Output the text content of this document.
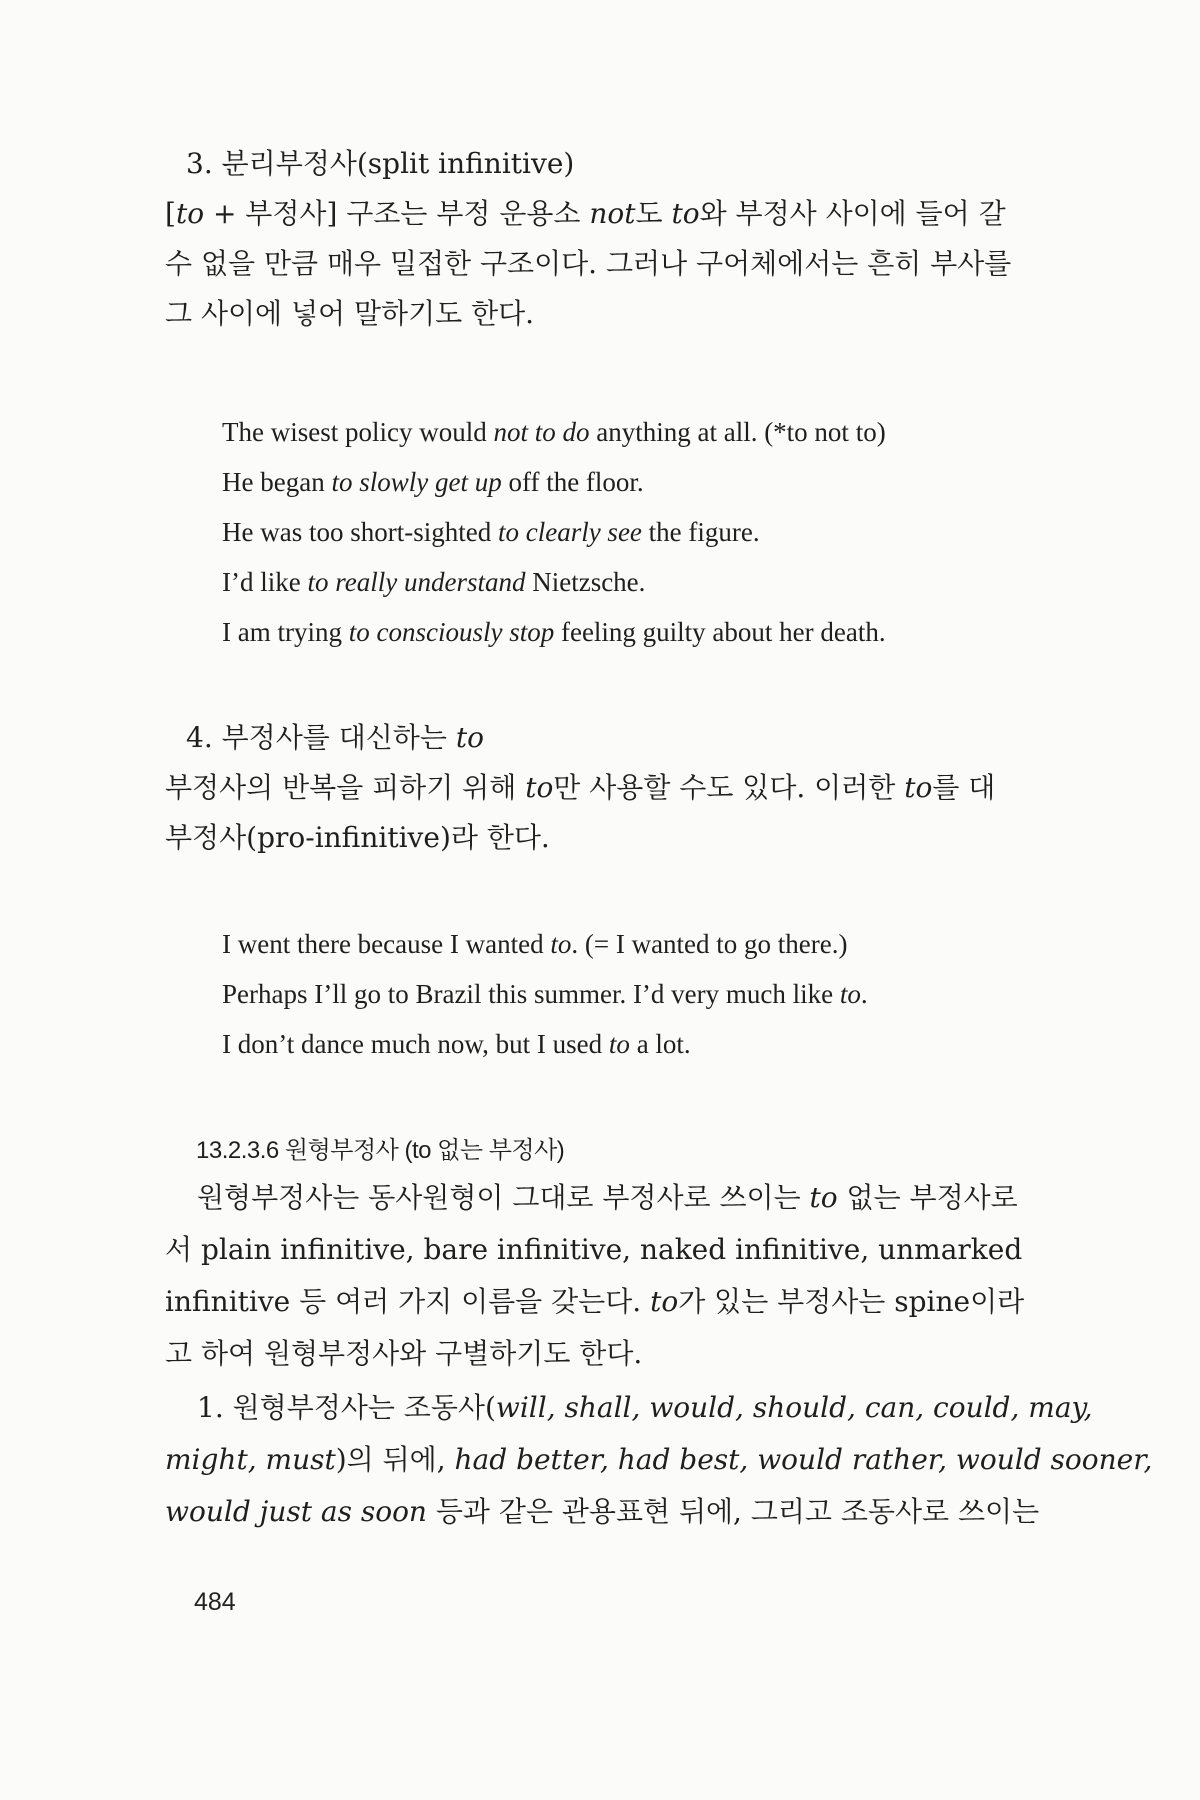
3. 분리부정사(split infinitive)
[to + 부정사] 구조는 부정 운용소 not도 to와 부정사 사이에 들어 갈
수 없을 만큼 매우 밀접한 구조이다. 그러나 구어체에서는 흔히 부사를
그 사이에 넣어 말하기도 한다.
The wisest policy would not to do anything at all. (*to not to)
He began to slowly get up off the floor.
He was too short-sighted to clearly see the figure.
I’d like to really understand Nietzsche.
I am trying to consciously stop feeling guilty about her death.
4. 부정사를 대신하는 to
부정사의 반복을 피하기 위해 to만 사용할 수도 있다. 이러한 to를 대
부정사(pro-infinitive)라 한다.
I went there because I wanted to. (= I wanted to go there.)
Perhaps I’ll go to Brazil this summer. I’d very much like to.
I don’t dance much now, but I used to a lot.
13.2.3.6 원형부정사 (to 없는 부정사)
원형부정사는 동사원형이 그대로 부정사로 쓰이는 to 없는 부정사로
서 plain infinitive, bare infinitive, naked infinitive, unmarked
infinitive 등 여러 가지 이름을 갖는다. to가 있는 부정사는 spine이라
고 하여 원형부정사와 구별하기도 한다.
1. 원형부정사는 조동사(will, shall, would, should, can, could, may,
might, must)의 뒤에, had better, had best, would rather, would sooner,
would just as soon 등과 같은 관용표현 뒤에, 그리고 조동사로 쓰이는
484
